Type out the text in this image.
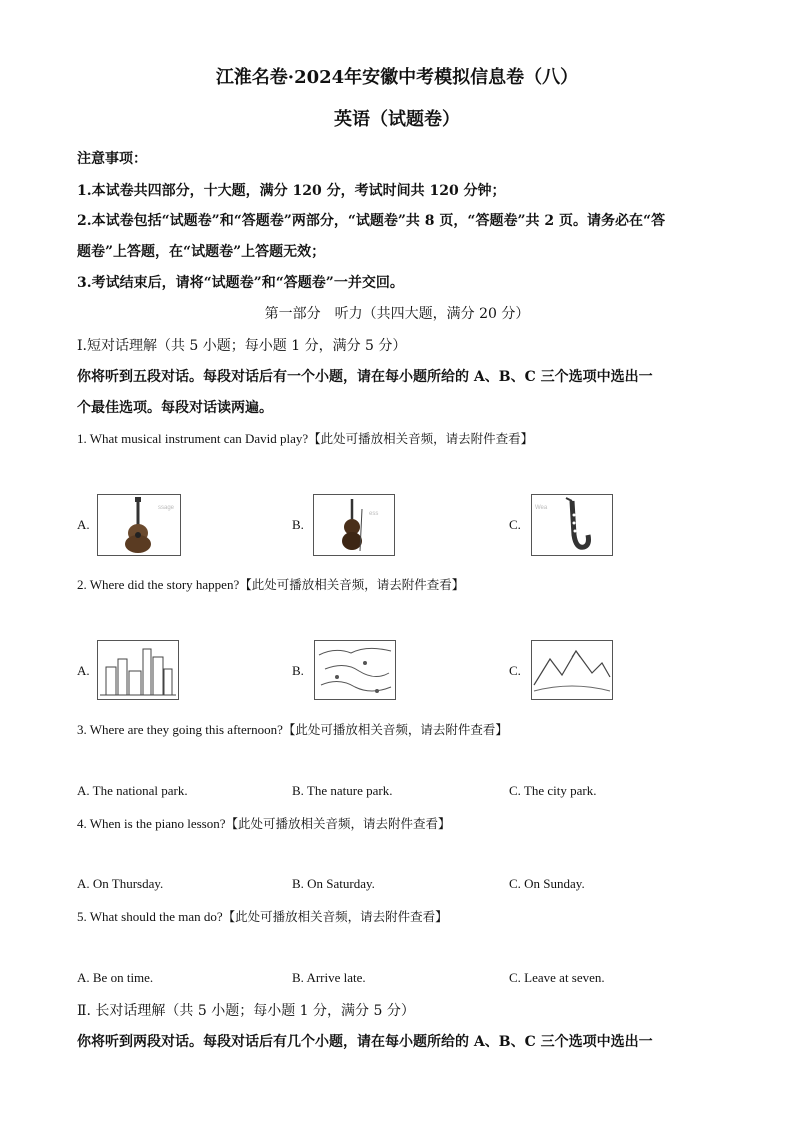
江淮名卷·2024年安徽中考模拟信息卷（八）
英语（试题卷）
注意事项：
1.本试卷共四部分，十大题，满分 120 分，考试时间共 120 分钟；
2.本试卷包括“试题卷”和“答题卷”两部分，“试题卷”共 8 页，“答题卷”共 2 页。请务必在“答
题卷”上答题，在“试题卷”上答题无效；
3.考试结束后，请将“试题卷”和“答题卷”一并交回。
第一部分　听力（共四大题，满分 20 分）
Ⅰ.短对话理解（共 5 小题；每小题 1 分，满分 5 分）
你将听到五段对话。每段对话后有一个小题，请在每小题所给的 A、B、C 三个选项中选出一
个最佳选项。每段对话读两遍。
1. What musical instrument can David play?【此处可播放相关音频，请去附件查看】
A.
ssage
B.
ess
C.
Wea
2. Where did the story happen?【此处可播放相关音频，请去附件查看】
A.	B.	C.
3. Where are they going this afternoon?【此处可播放相关音频，请去附件查看】
A. The national park.	B. The nature park.	C. The city park.
4. When is the piano lesson?【此处可播放相关音频，请去附件查看】
A. On Thursday.	B. On Saturday.	C. On Sunday.
5. What should the man do?【此处可播放相关音频，请去附件查看】
A. Be on time.	B. Arrive late.	C. Leave at seven.
Ⅱ. 长对话理解（共 5 小题；每小题 1 分，满分 5 分）
你将听到两段对话。每段对话后有几个小题，请在每小题所给的 A、B、C 三个选项中选出一
